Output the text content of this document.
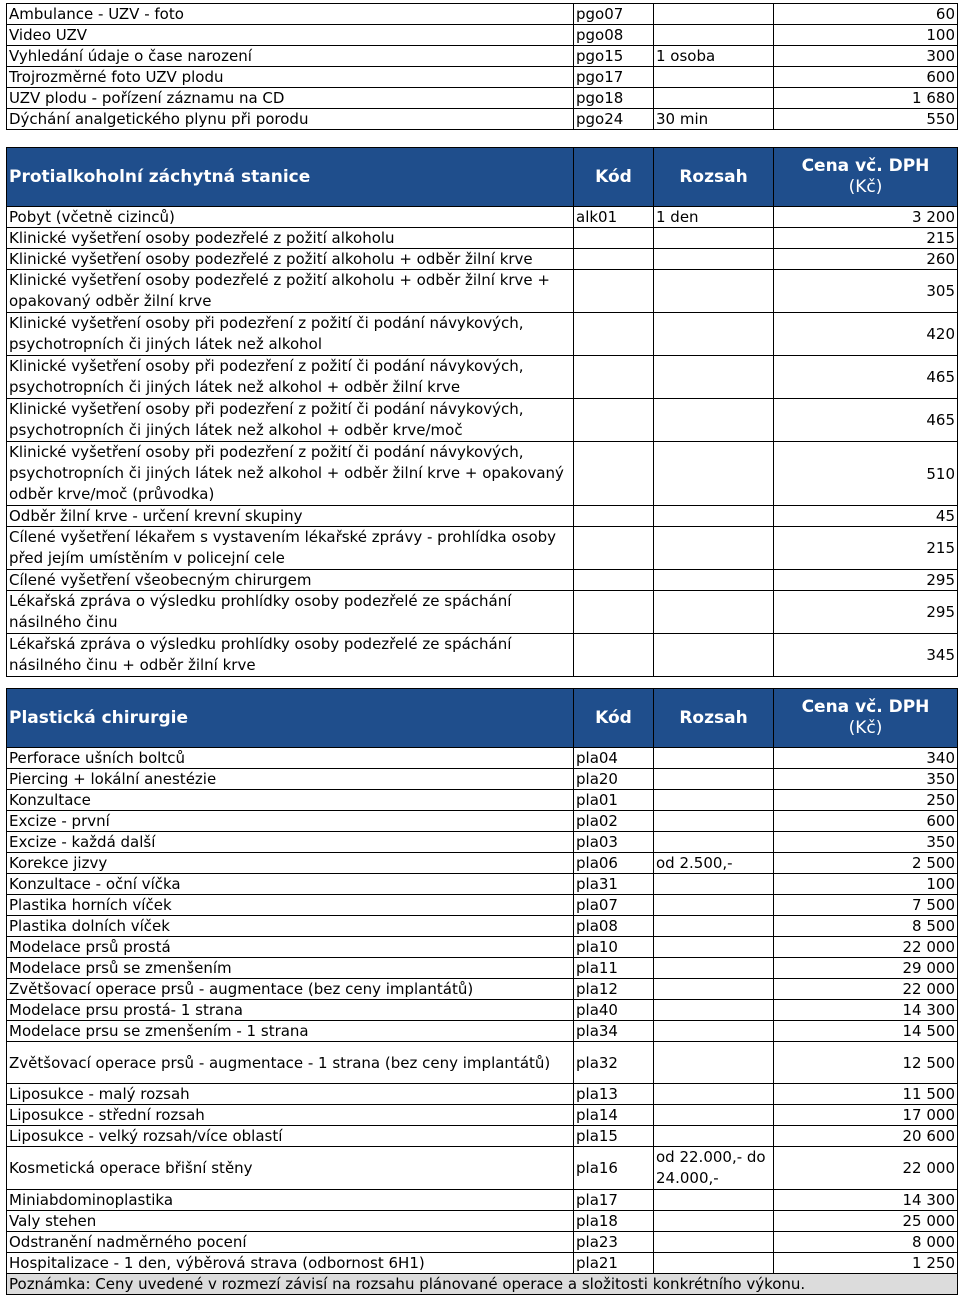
Ambulance - UZV - foto	pgo07		60
Video UZV	pgo08		100
Vyhledání údaje o čase narození	pgo15	1 osoba	300
Trojrozměrné foto UZV plodu	pgo17		600
UZV plodu - pořízení záznamu na CD	pgo18		1 680
Dýchání analgetického plynu při porodu	pgo24	30 min	550
Protialkoholní záchytná stanice	Kód	Rozsah	Cena vč. DPH
(Kč)

Pobyt (včetně cizinců)	alk01	1 den	3 200
Klinické vyšetření osoby podezřelé z požití alkoholu			215
Klinické vyšetření osoby podezřelé z požití alkoholu + odběr žilní krve			260
Klinické vyšetření osoby podezřelé z požití alkoholu + odběr žilní krve + opakovaný odběr žilní krve			305
Klinické vyšetření osoby při podezření z požití či podání návykových, psychotropních či jiných látek než alkohol			420
Klinické vyšetření osoby při podezření z požití či podání návykových, psychotropních či jiných látek než alkohol + odběr žilní krve			465
Klinické vyšetření osoby při podezření z požití či podání návykových, psychotropních či jiných látek než alkohol + odběr krve/moč			465
Klinické vyšetření osoby při podezření z požití či podání návykových, psychotropních či jiných látek než alkohol + odběr žilní krve + opakovaný odběr krve/moč (průvodka)			510
Odběr žilní krve - určení krevní skupiny			45
Cílené vyšetření lékařem s vystavením lékařské zprávy - prohlídka osoby před jejím umístěním v policejní cele			215
Cílené vyšetření všeobecným chirurgem			295
Lékařská zpráva o výsledku prohlídky osoby podezřelé ze spáchání násilného činu			295
Lékařská zpráva o výsledku prohlídky osoby podezřelé ze spáchání násilného činu + odběr žilní krve			345
Plastická chirurgie	Kód	Rozsah	Cena vč. DPH
(Kč)

Perforace ušních boltců	pla04		340
Piercing + lokální anestézie	pla20		350
Konzultace	pla01		250
Excize - první	pla02		600
Excize - každá další	pla03		350
Korekce jizvy	pla06	od 2.500,-	2 500
Konzultace - oční víčka	pla31		100
Plastika horních víček	pla07		7 500
Plastika dolních víček	pla08		8 500
Modelace prsů prostá	pla10		22 000
Modelace prsů se zmenšením	pla11		29 000
Zvětšovací operace prsů - augmentace (bez ceny implantátů)	pla12		22 000
Modelace prsu prostá- 1 strana	pla40		14 300
Modelace prsu se zmenšením - 1 strana	pla34		14 500
Zvětšovací operace prsů - augmentace - 1 strana (bez ceny implantátů)	pla32		12 500
Liposukce - malý rozsah	pla13		11 500
Liposukce - střední rozsah	pla14		17 000
Liposukce - velký rozsah/více oblastí	pla15		20 600
Kosmetická operace břišní stěny	pla16	od 22.000,- do 24.000,-	22 000
Miniabdominoplastika	pla17		14 300
Valy stehen	pla18		25 000
Odstranění nadměrného pocení	pla23		8 000
Hospitalizace - 1 den, výběrová strava (odbornost 6H1)	pla21		1 250
Poznámka: Ceny uvedené v rozmezí závisí na rozsahu plánované operace a složitosti konkrétního výkonu.			
